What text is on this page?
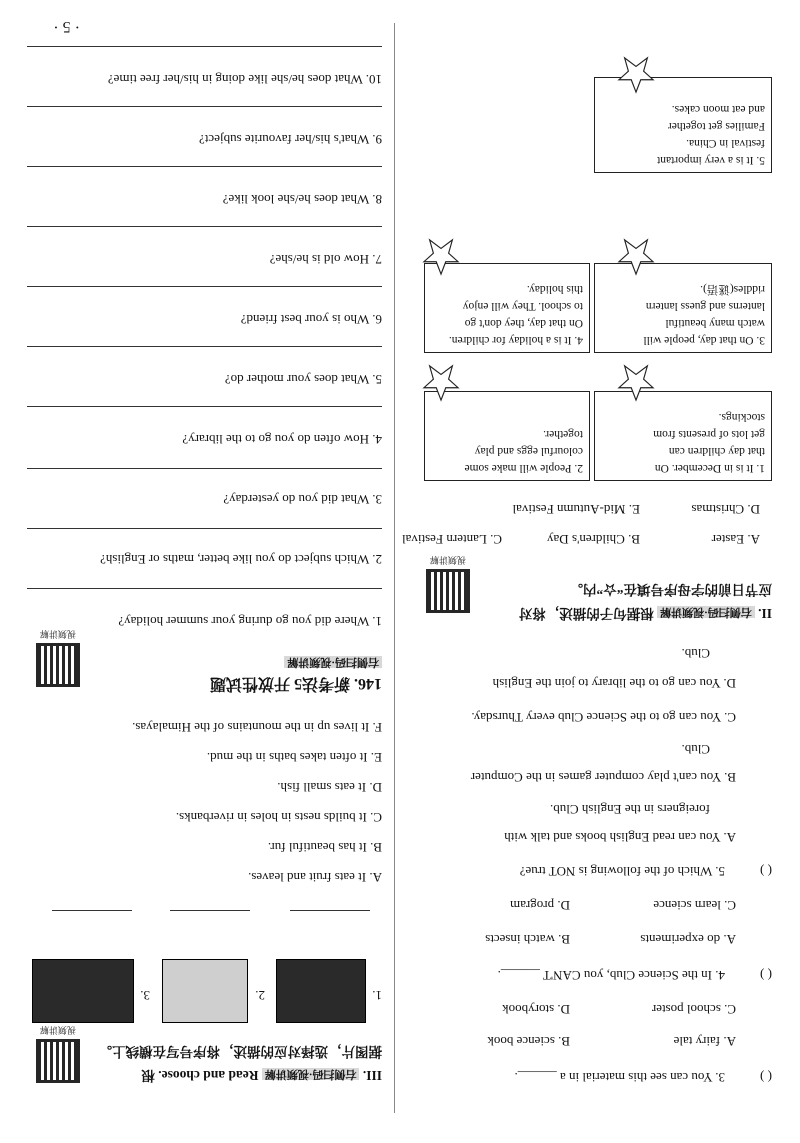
( )
3. You can see this material in a ______.
A. fairy tale
B. science book
C. school poster
D. storybook
( )
4. In the Science Club, you CAN'T ______.
A. do experiments
B. watch insects
C. learn science
D. program
( )
5. Which of the following is NOT true?
A. You can read English books and talk with
foreigners in the English Club.
B. You can't play computer games in the Computer
Club.
C. You can go to the Science Club every Thursday.
D. You can go to the library to join the English
Club.
II. 右侧扫码·视频讲解 根据句子的描述，将对
应节日前的字母序号填在“☆”内。
视频讲解
A. Easter
B. Children's Day
C. Lantern Festival
D. Christmas
E. Mid-Autumn Festival
1. It is in December. On
that day children can
get lots of presents from
stockings.
2. People will make some
colourful eggs and play
together.
3. On that day, people will
watch many beautiful
lanterns and guess lantern
riddles(谜语).
4. It is a holiday for children.
On that day, they don't go
to school. They will enjoy
this holiday.
5. It is a very important
festival in China.
Families get together
and eat moon cakes.
III. 右侧扫码·视频讲解 Read and choose. 根
据图片，选择对应的描述，将序号写在横线上。
视频讲解
1.
2.
3.
A. It eats fruit and leaves.
B. It has beautiful fur.
C. It builds nests in holes in riverbanks.
D. It eats small fish.
E. It often takes baths in the mud.
F. It lives up in the mountains of the Himalayas.
146. 新考法5 开放性试题
右侧扫码·视频讲解
视频讲解
1. Where did you go during your summer holiday?
2. Which subject do you like better, maths or English?
3. What did you do yesterday?
4. How often do you go to the library?
5. What does your mother do?
6. Who is your best friend?
7. How old is he/she?
8. What does he/she look like?
9. What's his/her favourite subject?
10. What does he/she like doing in his/her free time?
· 5 ·
